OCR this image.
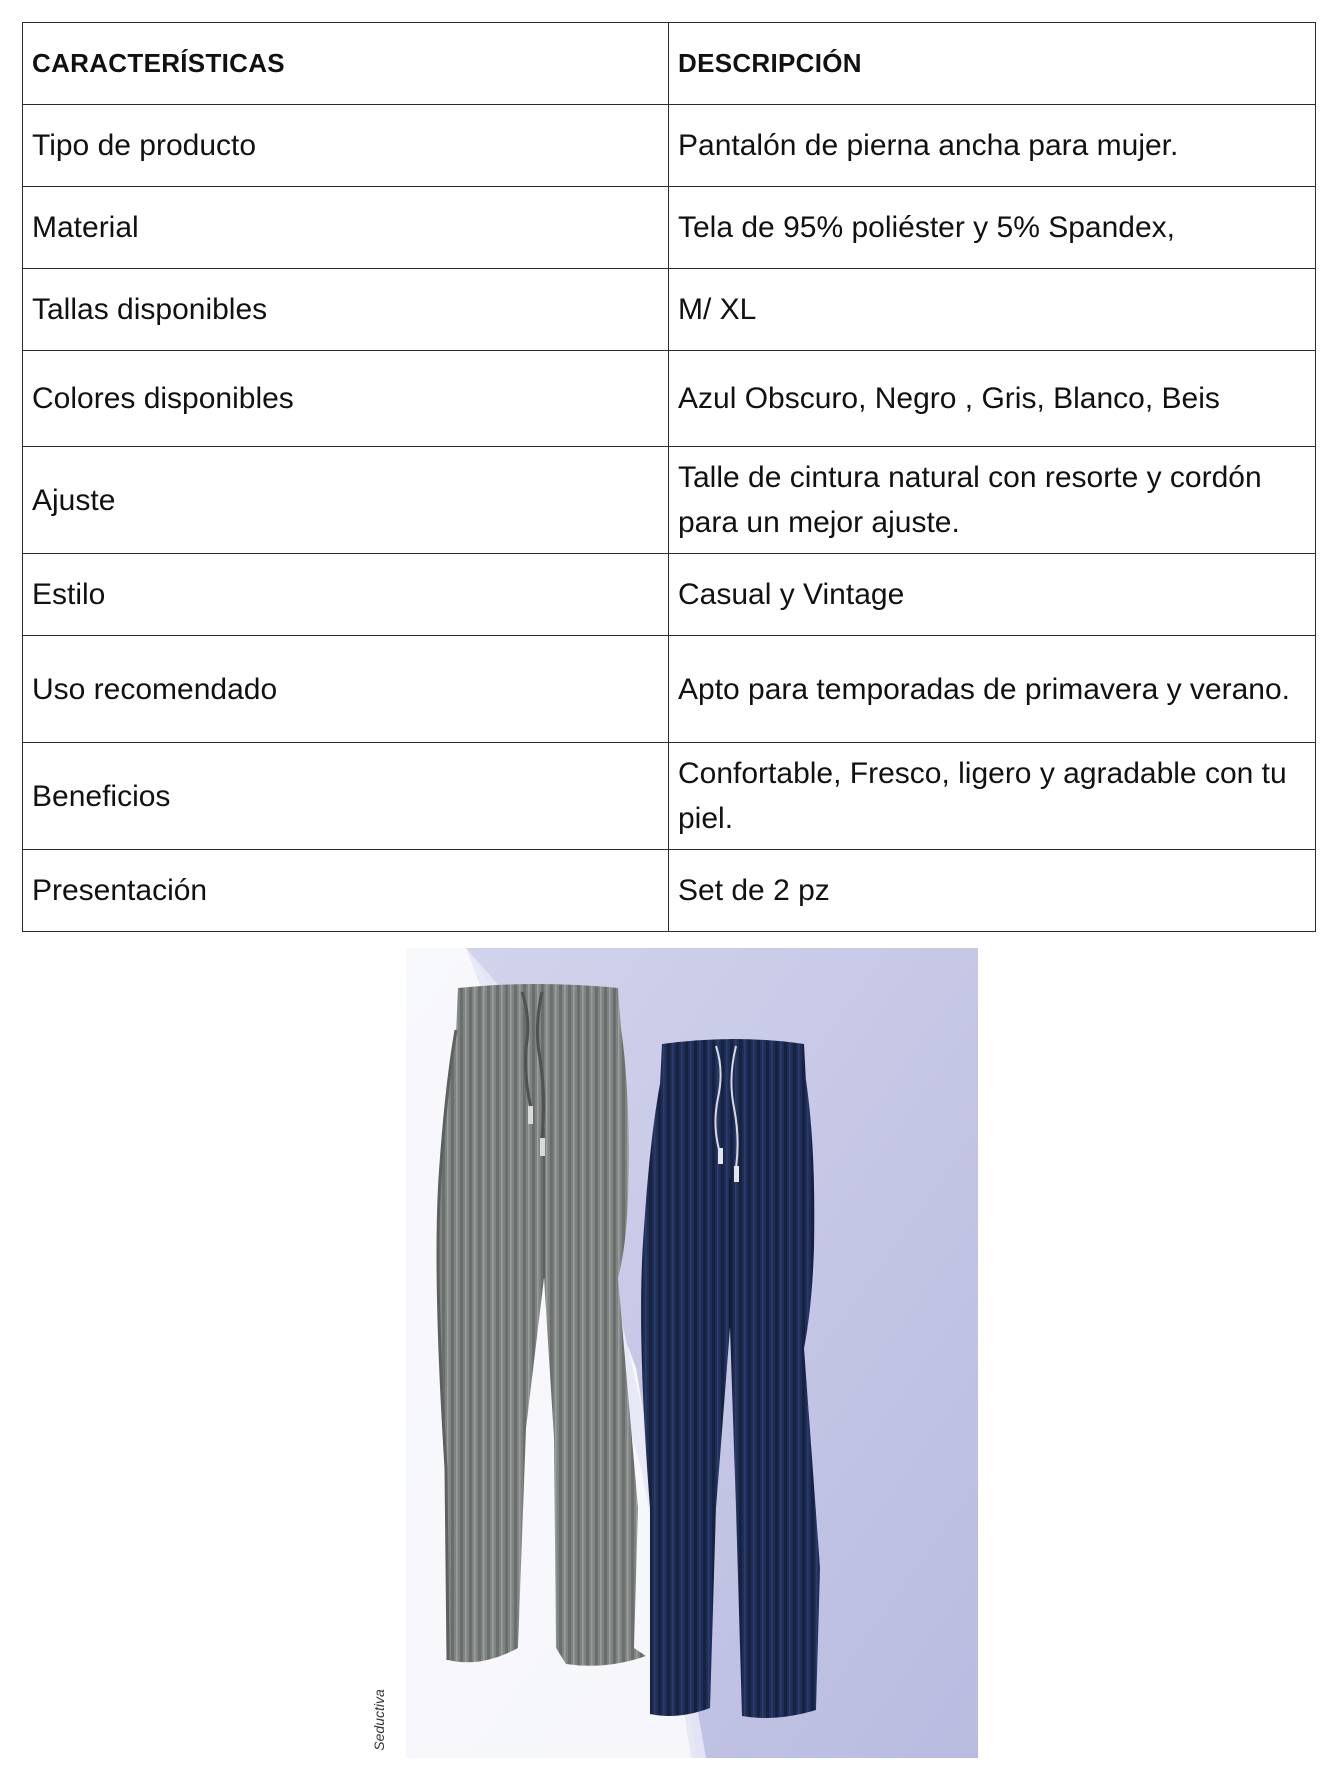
CARACTERÍSTICAS	DESCRIPCIÓN
Tipo de producto	Pantalón de pierna ancha para mujer.
Material	Tela de 95% poliéster y 5% Spandex,
Tallas disponibles	M/ XL
Colores disponibles	Azul Obscuro, Negro , Gris, Blanco, Beis
Ajuste	Talle de cintura natural con resorte y cordón para un mejor ajuste.
Estilo	Casual y Vintage
Uso recomendado	Apto para temporadas de primavera y verano.
Beneficios	Confortable, Fresco, ligero y agradable con tu piel.
Presentación	Set de 2 pz
Seductiva
